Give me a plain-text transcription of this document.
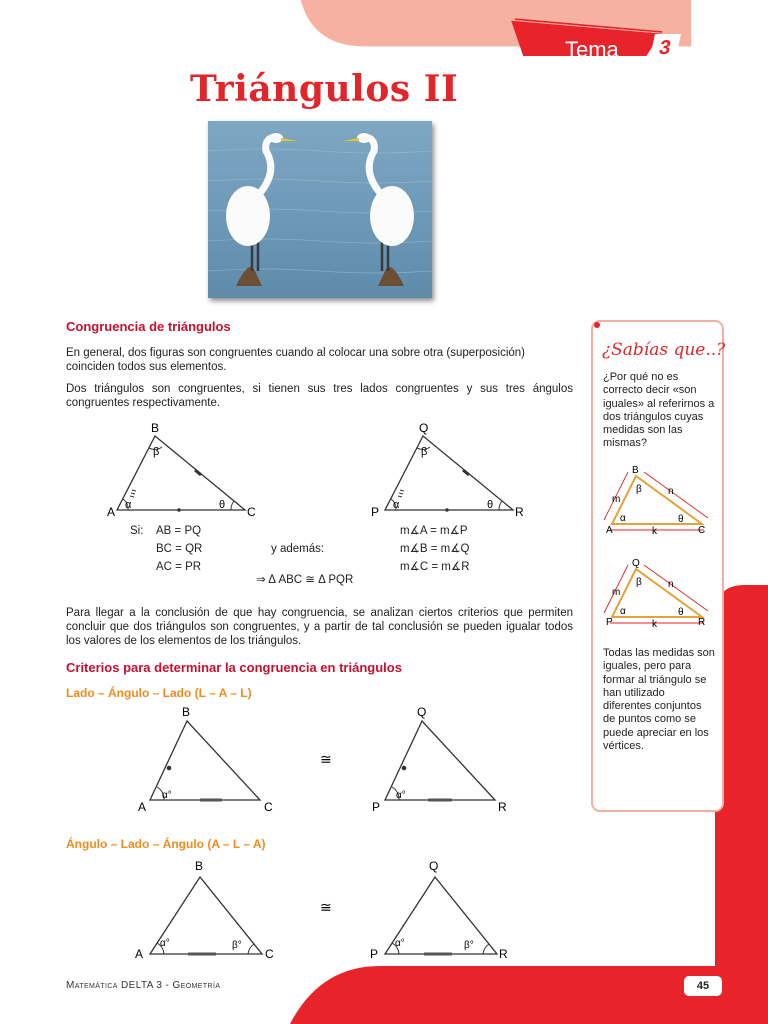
Tema	3
Triángulos II
Congruencia de triángulos
En general, dos figuras son congruentes cuando al colocar una sobre otra (superposición) coinciden todos sus elementos.
Dos triángulos son congruentes, si tienen sus tres lados congruentes y sus tres ángulos congruentes respectivamente.
A
B
C
α
β
θ	P
Q
R
α
β
θ
Si: AB = PQ
BC = QR
AC = PR
y además:
m∡A = m∡P
m∡B = m∡Q
m∡C = m∡R
⇒ Δ ABC ≅ Δ PQR
Para llegar a la conclusión de que hay congruencia, se analizan ciertos criterios que permiten concluir que dos triángulos son congruentes, y a partir de tal conclusión se pueden igualar todos los valores de los elementos de los triángulos.
Criterios para determinar la congruencia en triángulos
Lado – Ángulo – Lado (L – A – L)
A
B
C
α°
≅
P
Q
R
α°
Ángulo – Lado – Ángulo (A – L – A)
A
B
C
α°	β°
≅
P
Q
R
α°	β°
¿Sabías que..?
¿Por qué no es correcto decir «son iguales» al referirnos a dos triángulos cuyas medidas son las mismas?
B
A	C
m
n
k
α
β
θ
Q
P	R
m
n
k
α
β
θ
Todas las medidas son iguales, pero para formar al triángulo se han utilizado diferentes conjuntos de puntos como se puede apreciar en los vértices.
Matemática DELTA 3 - Geometría	45
